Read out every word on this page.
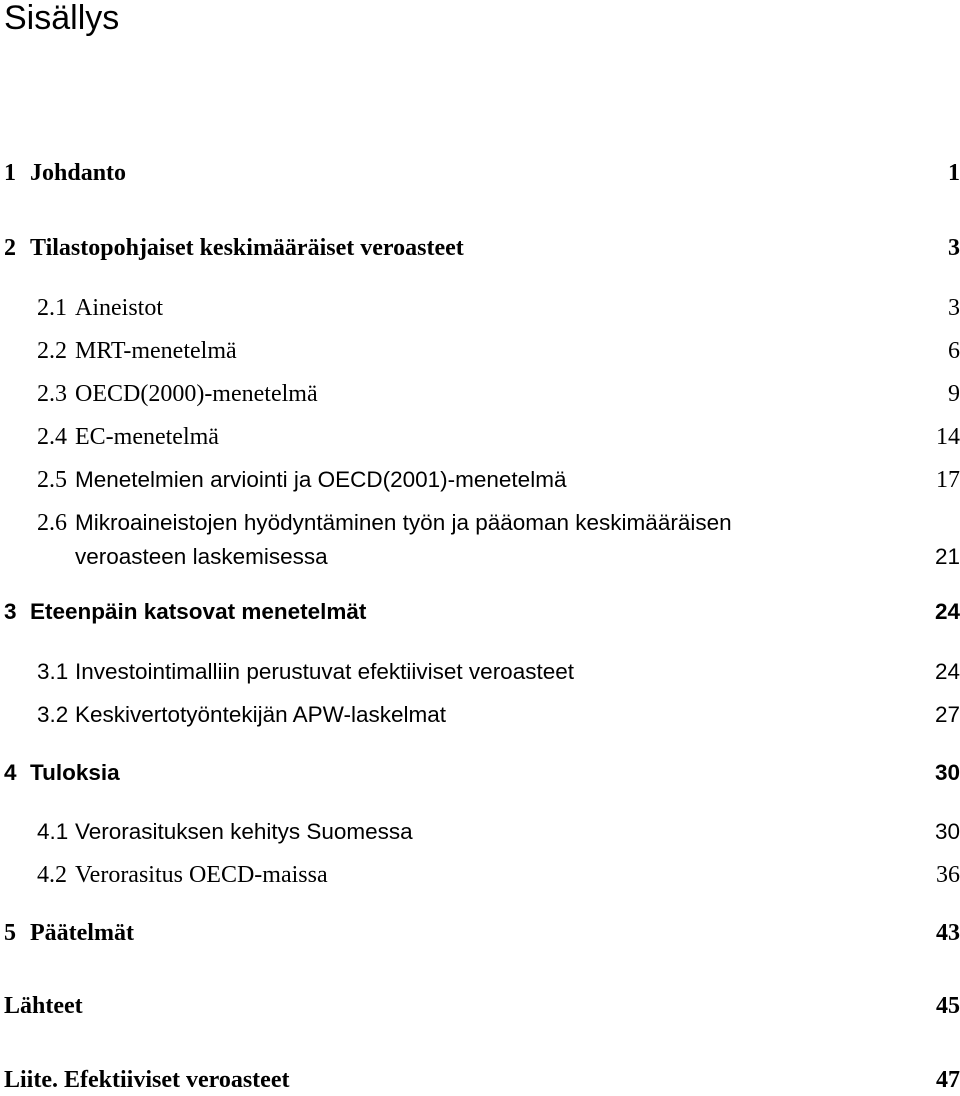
Sisällys
1 Johdanto	1
2 Tilastopohjaiset keskimääräiset veroasteet	3
2.1 Aineistot	3
2.2 MRT-menetelmä	6
2.3 OECD(2000)-menetelmä	9
2.4 EC-menetelmä	14
2.5 Menetelmien arviointi ja OECD(2001)-menetelmä	17
2.6 Mikroaineistojen hyödyntäminen työn ja pääoman keskimääräisen
veroasteen laskemisessa	21
3 Eteenpäin katsovat menetelmät	24
3.1 Investointimalliin perustuvat efektiiviset veroasteet	24
3.2 Keskivertotyöntekijän APW-laskelmat	27
4 Tuloksia	30
4.1 Verorasituksen kehitys Suomessa	30
4.2 Verorasitus OECD-maissa	36
5 Päätelmät	43
Lähteet	45
Liite. Efektiiviset veroasteet	47
